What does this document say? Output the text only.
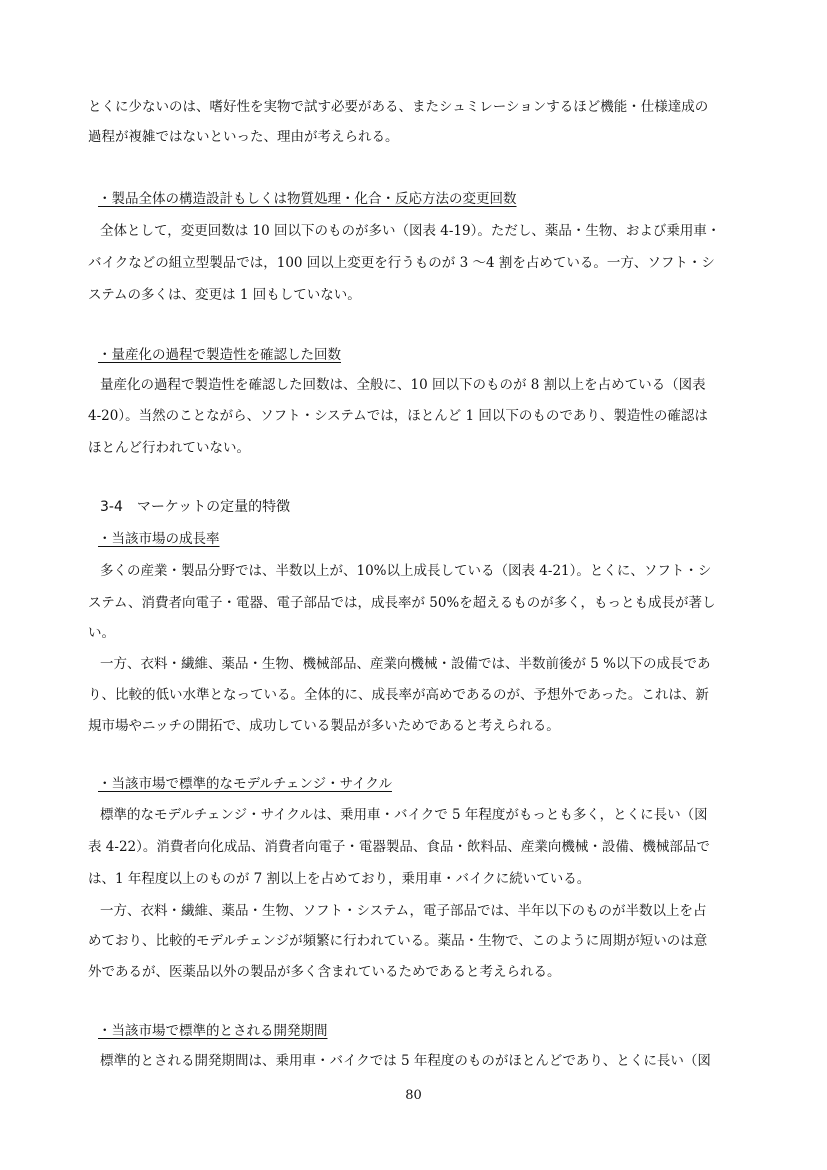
とくに少ないのは、嗜好性を実物で試す必要がある、またシュミレーションするほど機能・仕様達成の
過程が複雑ではないといった、理由が考えられる。
・製品全体の構造設計もしくは物質処理・化合・反応方法の変更回数
全体として，変更回数は 10 回以下のものが多い（図表 4-19）。ただし、薬品・生物、および乗用車・
バイクなどの組立型製品では，100 回以上変更を行うものが 3 ～4 割を占めている。一方、ソフト・シ
ステムの多くは、変更は 1 回もしていない。
・量産化の過程で製造性を確認した回数
量産化の過程で製造性を確認した回数は、全般に、10 回以下のものが 8 割以上を占めている（図表
4-20）。当然のことながら、ソフト・システムでは，ほとんど 1 回以下のものであり、製造性の確認は
ほとんど行われていない。
3-4　マーケットの定量的特徴
・当該市場の成長率
多くの産業・製品分野では、半数以上が、10%以上成長している（図表 4-21）。とくに、ソフト・シ
ステム、消費者向電子・電器、電子部品では，成長率が 50%を超えるものが多く，もっとも成長が著し
い。
一方、衣料・繊維、薬品・生物、機械部品、産業向機械・設備では、半数前後が 5 %以下の成長であ
り、比較的低い水準となっている。全体的に、成長率が高めであるのが、予想外であった。これは、新
規市場やニッチの開拓で、成功している製品が多いためであると考えられる。
・当該市場で標準的なモデルチェンジ・サイクル
標準的なモデルチェンジ・サイクルは、乗用車・バイクで 5 年程度がもっとも多く，とくに長い（図
表 4-22）。消費者向化成品、消費者向電子・電器製品、食品・飲料品、産業向機械・設備、機械部品で
は、1 年程度以上のものが 7 割以上を占めており，乗用車・バイクに続いている。
一方、衣料・繊維、薬品・生物、ソフト・システム，電子部品では、半年以下のものが半数以上を占
めており、比較的モデルチェンジが頻繁に行われている。薬品・生物で、このように周期が短いのは意
外であるが、医薬品以外の製品が多く含まれているためであると考えられる。
・当該市場で標準的とされる開発期間
標準的とされる開発期間は、乗用車・バイクでは 5 年程度のものがほとんどであり、とくに長い（図
80
